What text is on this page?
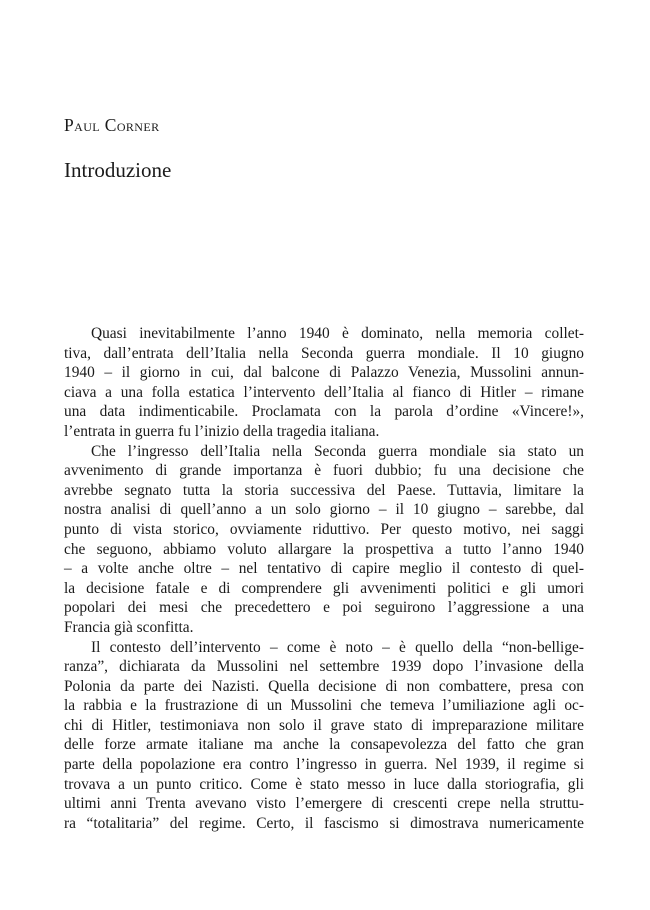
Paul Corner
Introduzione
Quasi inevitabilmente l’anno 1940 è dominato, nella memoria collet-
tiva, dall’entrata dell’Italia nella Seconda guerra mondiale. Il 10 giugno
1940 – il giorno in cui, dal balcone di Palazzo Venezia, Mussolini annun-
ciava a una folla estatica l’intervento dell’Italia al fianco di Hitler – rimane
una data indimenticabile. Proclamata con la parola d’ordine «Vincere!»,
l’entrata in guerra fu l’inizio della tragedia italiana.
Che l’ingresso dell’Italia nella Seconda guerra mondiale sia stato un
avvenimento di grande importanza è fuori dubbio; fu una decisione che
avrebbe segnato tutta la storia successiva del Paese. Tuttavia, limitare la
nostra analisi di quell’anno a un solo giorno – il 10 giugno – sarebbe, dal
punto di vista storico, ovviamente riduttivo. Per questo motivo, nei saggi
che seguono, abbiamo voluto allargare la prospettiva a tutto l’anno 1940
– a volte anche oltre – nel tentativo di capire meglio il contesto di quel-
la decisione fatale e di comprendere gli avvenimenti politici e gli umori
popolari dei mesi che precedettero e poi seguirono l’aggressione a una
Francia già sconfitta.
Il contesto dell’intervento – come è noto – è quello della “non-bellige-
ranza”, dichiarata da Mussolini nel settembre 1939 dopo l’invasione della
Polonia da parte dei Nazisti. Quella decisione di non combattere, presa con
la rabbia e la frustrazione di un Mussolini che temeva l’umiliazione agli oc-
chi di Hitler, testimoniava non solo il grave stato di impreparazione militare
delle forze armate italiane ma anche la consapevolezza del fatto che gran
parte della popolazione era contro l’ingresso in guerra. Nel 1939, il regime si
trovava a un punto critico. Come è stato messo in luce dalla storiografia, gli
ultimi anni Trenta avevano visto l’emergere di crescenti crepe nella struttu-
ra “totalitaria” del regime. Certo, il fascismo si dimostrava numericamente
